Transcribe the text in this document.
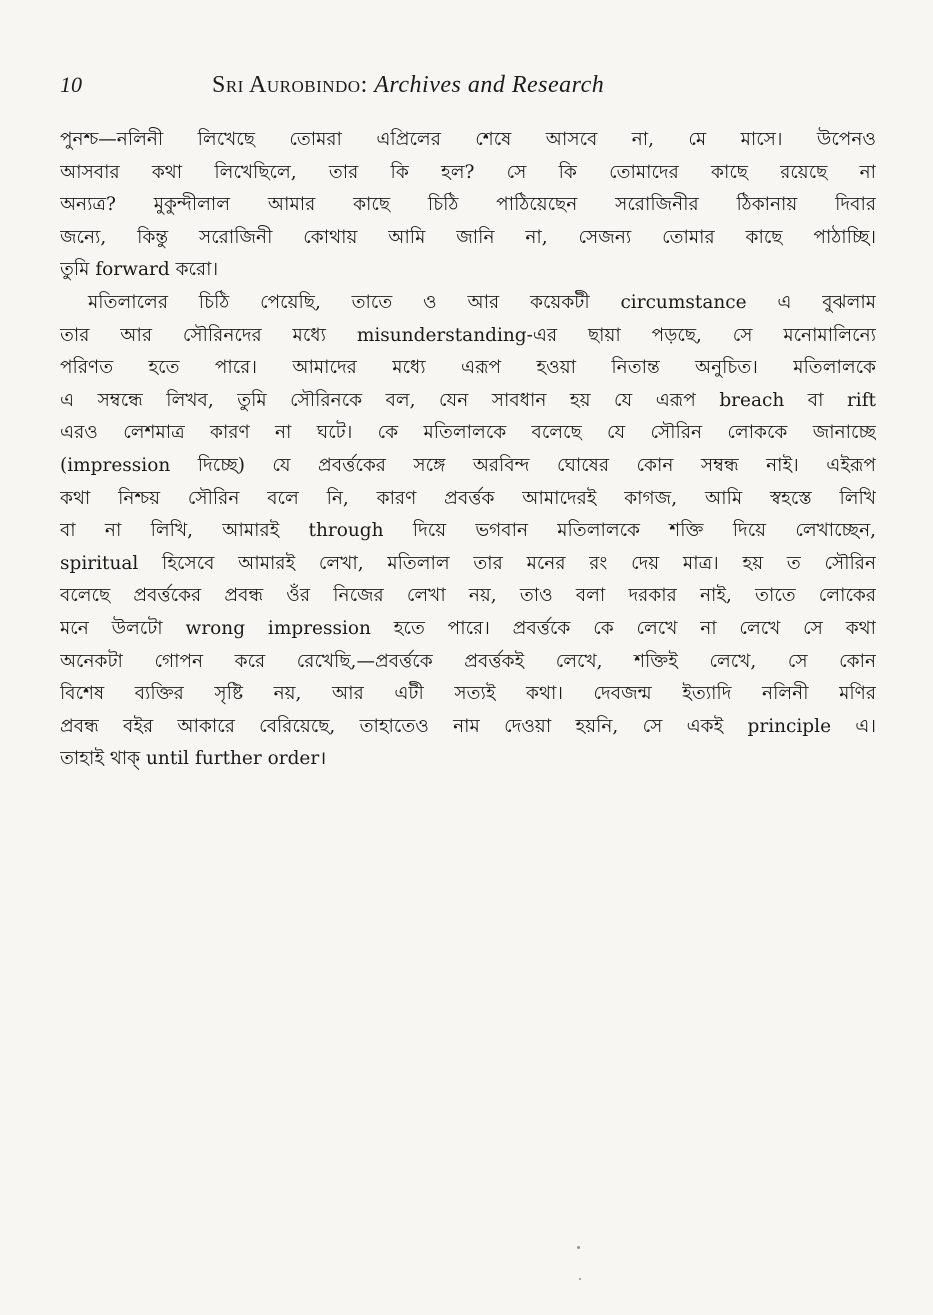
10	Sri Aurobindo: Archives and Research
পুনশ্চ—নলিনী লিখেছে তোমরা এপ্রিলের শেষে আসবে না, মে মাসে। উপেনও
আসবার কথা লিখেছিলে, তার কি হল? সে কি তোমাদের কাছে রয়েছে না
অন্যত্র? মুকুন্দীলাল আমার কাছে চিঠি পাঠিয়েছেন সরোজিনীর ঠিকানায় দিবার
জন্যে, কিন্তু সরোজিনী কোথায় আমি জানি না, সেজন্য তোমার কাছে পাঠাচ্ছি।
তুমি forward করো।
মতিলালের চিঠি পেয়েছি, তাতে ও আর কয়েকটী circumstance এ বুঝলাম
তার আর সৌরিনদের মধ্যে misunderstanding-এর ছায়া পড়ছে, সে মনোমালিন্যে
পরিণত হতে পারে। আমাদের মধ্যে এরূপ হওয়া নিতান্ত অনুচিত। মতিলালকে
এ সম্বন্ধে লিখব, তুমি সৌরিনকে বল, যেন সাবধান হয় যে এরূপ breach বা rift
এরও লেশমাত্র কারণ না ঘটে। কে মতিলালকে বলেছে যে সৌরিন লোককে জানাচ্ছে
(impression দিচ্ছে) যে প্রবর্ত্তকের সঙ্গে অরবিন্দ ঘোষের কোন সম্বন্ধ নাই। এইরূপ
কথা নিশ্চয় সৌরিন বলে নি, কারণ প্রবর্ত্তক আমাদেরই কাগজ, আমি স্বহস্তে লিখি
বা না লিখি, আমারই through দিয়ে ভগবান মতিলালকে শক্তি দিয়ে লেখাচ্ছেন,
spiritual হিসেবে আমারই লেখা, মতিলাল তার মনের রং দেয় মাত্র। হয় ত সৌরিন
বলেছে প্রবর্ত্তকের প্রবন্ধ ওঁর নিজের লেখা নয়, তাও বলা দরকার নাই, তাতে লোকের
মনে উলটো wrong impression হতে পারে। প্রবর্ত্তকে কে লেখে না লেখে সে কথা
অনেকটা গোপন করে রেখেছি,—প্রবর্ত্তকে প্রবর্ত্তকই লেখে, শক্তিই লেখে, সে কোন
বিশেষ ব্যক্তির সৃষ্টি নয়, আর এটী সত্যই কথা। দেবজন্ম ইত্যাদি নলিনী মণির
প্রবন্ধ বইর আকারে বেরিয়েছে, তাহাতেও নাম দেওয়া হয়নি, সে একই principle এ।
তাহাই থাক্ until further order।
